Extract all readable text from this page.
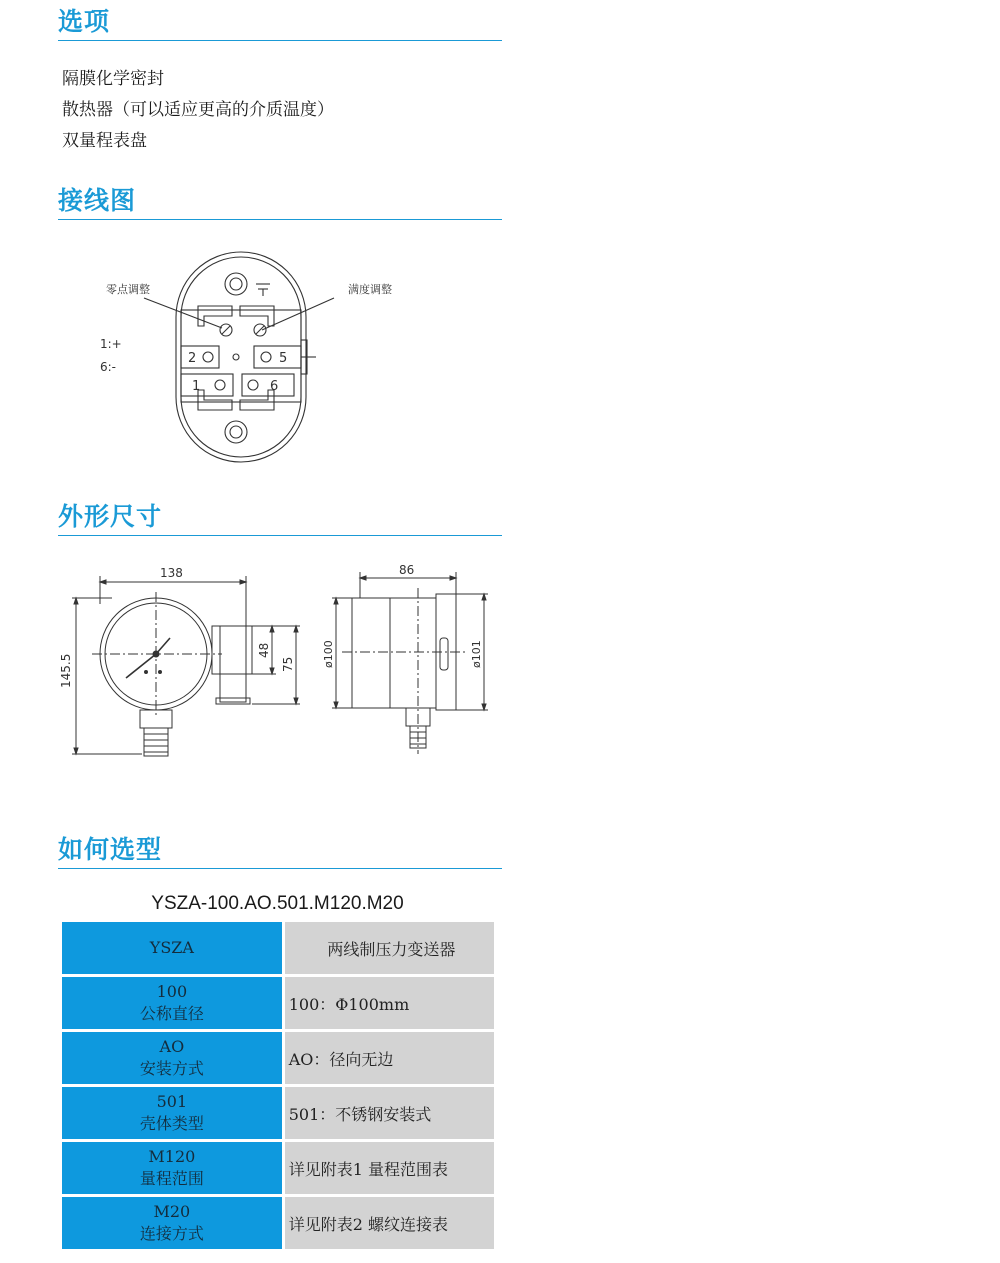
选项
隔膜化学密封
散热器（可以适应更高的介质温度）
双量程表盘
接线图
零点调整	满度调整
1:+
6:-
2	5
1	6
外形尺寸
138
145.5
48
75
86
ø100	ø101
如何选型
YSZA-100.AO.501.M120.M20
YSZA	两线制压力变送器

100
公称直径	100：Φ100mm

AO
安装方式	AO：径向无边

501
壳体类型	501：不锈钢安装式

M120
量程范围	详见附表1 量程范围表

M20
连接方式	详见附表2 螺纹连接表
